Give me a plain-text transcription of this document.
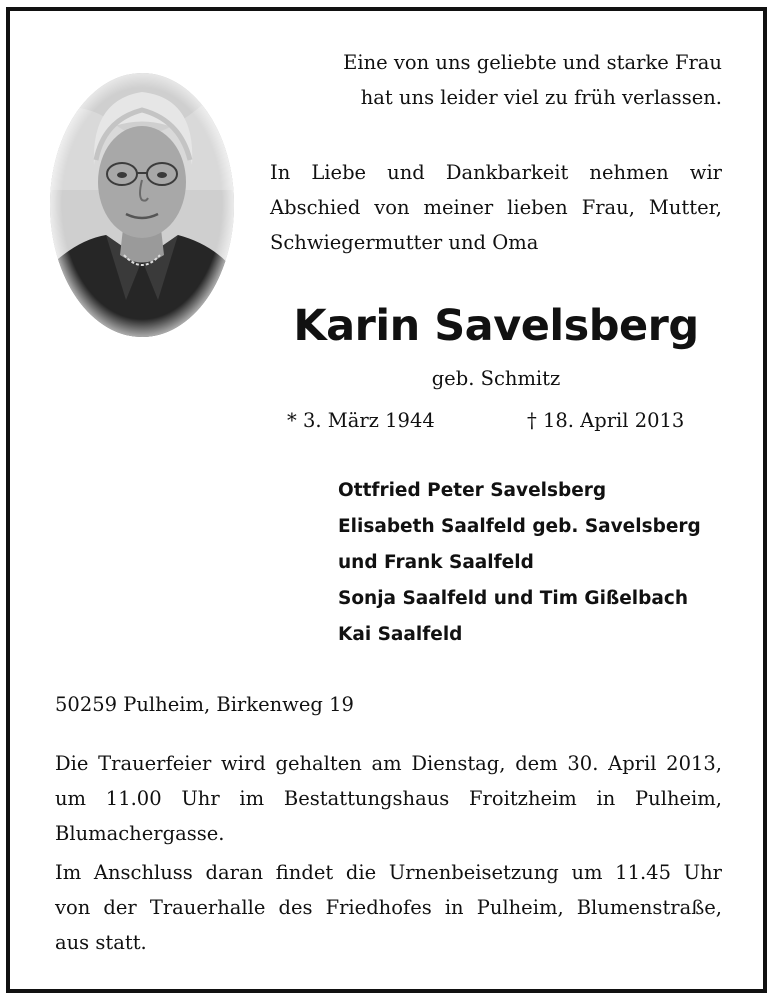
Eine von uns geliebte und starke Frau
hat uns leider viel zu früh verlassen.
In Liebe und Dankbarkeit nehmen wir
Abschied von meiner lieben Frau, Mutter,
Schwiegermutter und Oma
Karin Savelsberg
geb. Schmitz
* 3. März 1944	† 18. April 2013
Ottfried Peter Savelsberg
Elisabeth Saalfeld geb. Savelsberg
und Frank Saalfeld
Sonja Saalfeld und Tim Gißelbach
Kai Saalfeld
50259 Pulheim, Birkenweg 19
Die Trauerfeier wird gehalten am Dienstag, dem 30. April 2013,
um 11.00 Uhr im Bestattungshaus Froitzheim in Pulheim,
Blumachergasse.
Im Anschluss daran findet die Urnenbeisetzung um 11.45 Uhr
von der Trauerhalle des Friedhofes in Pulheim, Blumenstraße,
aus statt.
